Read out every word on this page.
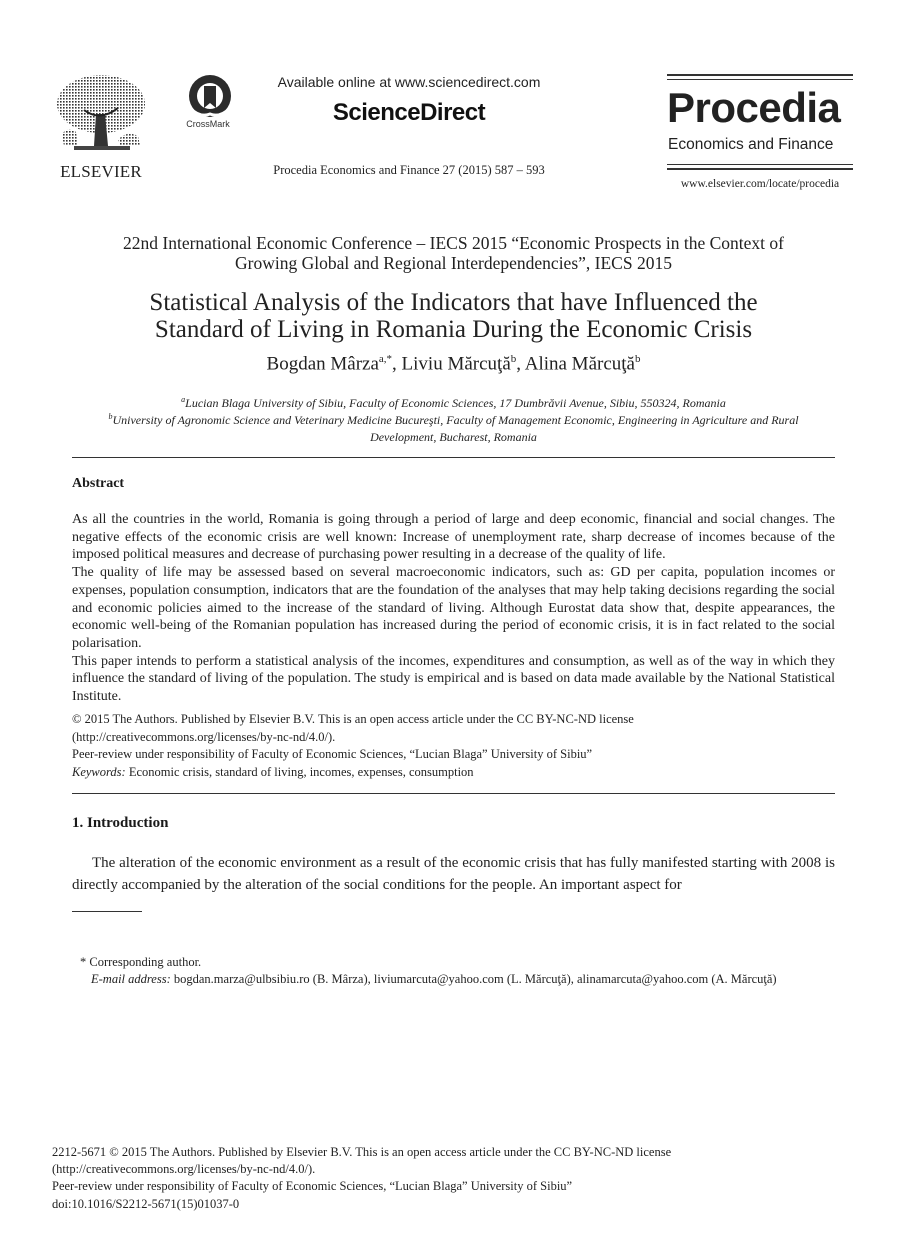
ELSEVIER
CrossMark
Available online at www.sciencedirect.com
ScienceDirect
Procedia Economics and Finance 27 (2015) 587 – 593
Procedia
Economics and Finance
www.elsevier.com/locate/procedia
22nd International Economic Conference – IECS 2015 “Economic Prospects in the Context of
Growing Global and Regional Interdependencies”, IECS 2015
Statistical Analysis of the Indicators that have Influenced the
Standard of Living in Romania During the Economic Crisis
Bogdan Mârza$^{a,*}$, Liviu Mărcuţă$^b$, Alina Mărcuţă$^b$
$^a$Lucian Blaga University of Sibiu, Faculty of Economic Sciences, 17 Dumbrăvii Avenue, Sibiu, 550324, Romania
$^b$University of Agronomic Science and Veterinary Medicine Bucureşti, Faculty of Management Economic, Engineering in Agriculture and Rural
Development, Bucharest, Romania
Abstract

As all the countries in the world, Romania is going through a period of large and deep economic, financial and social changes. The negative effects of the economic crisis are well known: Increase of unemployment rate, sharp decrease of incomes because of the imposed political measures and decrease of purchasing power resulting in a decrease of the quality of life.

The quality of life may be assessed based on several macroeconomic indicators, such as: GD per capita, population incomes or expenses, population consumption, indicators that are the foundation of the analyses that may help taking decisions regarding the social and economic policies aimed to the increase of the standard of living. Although Eurostat data show that, despite appearances, the economic well-being of the Romanian population has increased during the period of economic crisis, it is in fact related to the social polarisation.

This paper intends to perform a statistical analysis of the incomes, expenditures and consumption, as well as of the way in which they influence the standard of living of the population. The study is empirical and is based on data made available by the National Statistical Institute.

© 2015 The Authors. Published by Elsevier B.V. This is an open access article under the CC BY-NC-ND license
(http://creativecommons.org/licenses/by-nc-nd/4.0/).
Peer-review under responsibility of Faculty of Economic Sciences, “Lucian Blaga” University of Sibiu”
Keywords: Economic crisis, standard of living, incomes, expenses, consumption
1. Introduction
The alteration of the economic environment as a result of the economic crisis that has fully manifested starting with 2008 is directly accompanied by the alteration of the social conditions for the people. An important aspect for
* Corresponding author.
E-mail address: bogdan.marza@ulbsibiu.ro (B. Mârza), liviumarcuta@yahoo.com (L. Mărcuţă), alinamarcuta@yahoo.com (A. Mărcuţă)
2212-5671 © 2015 The Authors. Published by Elsevier B.V. This is an open access article under the CC BY-NC-ND license
(http://creativecommons.org/licenses/by-nc-nd/4.0/).
Peer-review under responsibility of Faculty of Economic Sciences, “Lucian Blaga” University of Sibiu”
doi:10.1016/S2212-5671(15)01037-0
